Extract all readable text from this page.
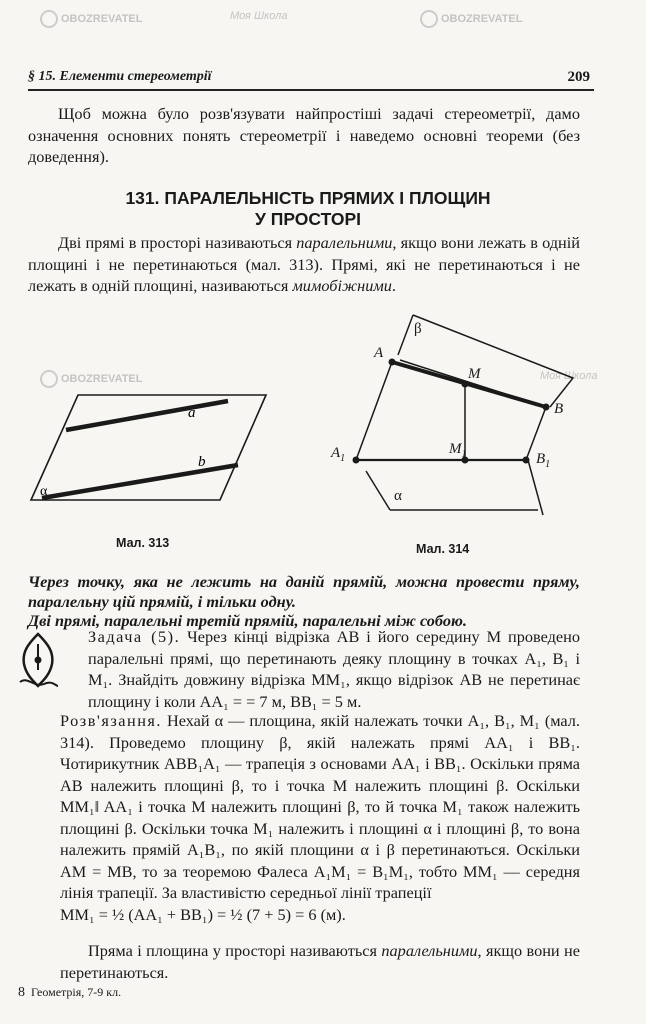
OBOZREVATEL	Моя Школа	OBOZREVATEL
OBOZREVATEL	Моя Школа
§ 15. Елементи стереометрії	209
Щоб можна було розв'язувати найпростіші задачі стереометрії, дамо означення основних понять стереометрії і наведемо основні теореми (без доведення).
131. ПАРАЛЕЛЬНІСТЬ ПРЯМИХ І ПЛОЩИН
У ПРОСТОРІ
Дві прямі в просторі називаються паралельними, якщо вони лежать в одній площині і не перетинаються (мал. 313). Прямі, які не перетинаються і не лежать в одній площині, називаються мимобіжними.
a
b
α
β
A
M
B
$A_1$
$M_1$	$B_1$
α
Мал. 313	Мал. 314
Через точку, яка не лежить на даній прямій, можна провести пряму, паралельну цій прямій, і тільки одну.
Дві прямі, паралельні третій прямій, паралельні між собою.
Задача (5). Через кінці відрізка AB і його середину M проведено паралельні прямі, що перетинають деяку площину в точках A₁, B₁ і M₁. Знайдіть довжину відрізка MM₁, якщо відрізок AB не перетинає площину і коли AA₁ = = 7 м, BB₁ = 5 м.
Розв'язання. Нехай α — площина, якій належать точки A₁, B₁, M₁ (мал. 314). Проведемо площину β, якій належать прямі AA₁ і BB₁. Чотирикутник ABB₁A₁ — трапеція з основами AA₁ і BB₁. Оскільки пряма AB належить площині β, то і точка M належить площині β. Оскільки MM₁‖ AA₁ і точка M належить площині β, то й точка M₁ також належить площині β. Оскільки точка M₁ належить і площині α і площині β, то вона належить прямій A₁B₁, по якій площини α і β перетинаються. Оскільки AM = MB, то за теоремою Фалеса A₁M₁ = B₁M₁, тобто MM₁ — середня лінія трапеції. За властивістю середньої лінії трапеції
MM₁ = ½ (AA₁ + BB₁) = ½ (7 + 5) = 6 (м).
Пряма і площина у просторі називаються паралельними, якщо вони не перетинаються.
8 Геометрія, 7-9 кл.
